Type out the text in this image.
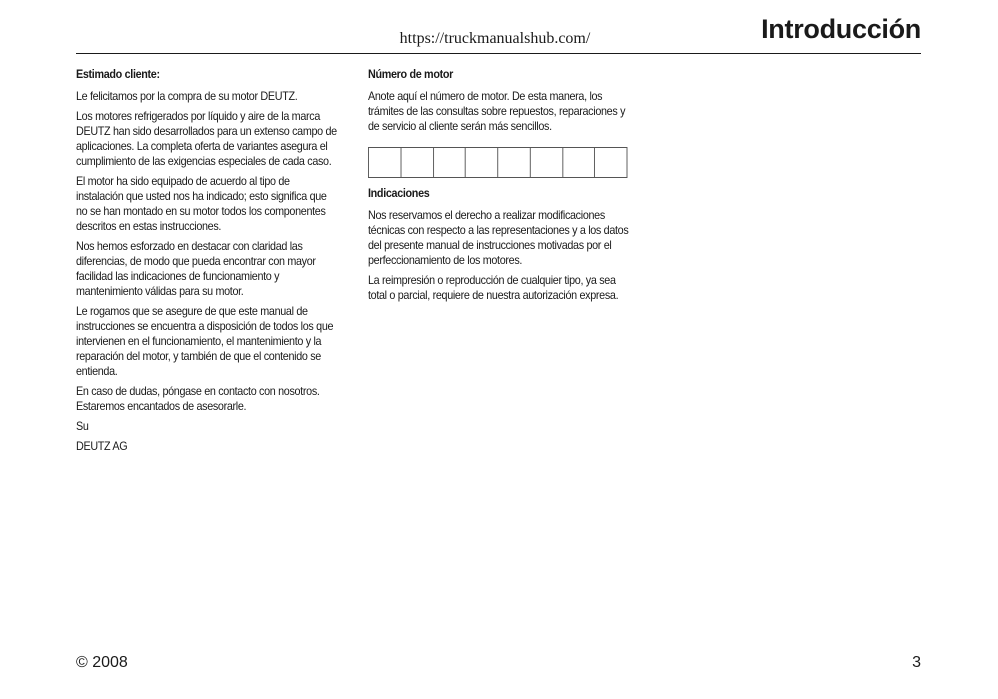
https://truckmanualshub.com/	Introducción
Estimado cliente:

Le felicitamos por la compra de su motor DEUTZ.

Los motores refrigerados por líquido y aire de la marca DEUTZ han sido desarrollados para un extenso campo de aplicaciones. La completa oferta de variantes asegura el cumplimiento de las exigencias especiales de cada caso.

El motor ha sido equipado de acuerdo al tipo de instalación que usted nos ha indicado; esto significa que no se han montado en su motor todos los componentes descritos en estas instrucciones.

Nos hemos esforzado en destacar con claridad las diferencias, de modo que pueda encontrar con mayor facilidad las indicaciones de funcionamiento y mantenimiento válidas para su motor.

Le rogamos que se asegure de que este manual de instrucciones se encuentra a disposición de todos los que intervienen en el funcionamiento, el mantenimiento y la reparación del motor, y también de que el contenido se entienda.

En caso de dudas, póngase en contacto con nosotros. Estaremos encantados de asesorarle.

Su

DEUTZ AG

Número de motor

Anote aquí el número de motor. De esta manera, los trámites de las consultas sobre repuestos, reparaciones y de servicio al cliente serán más sencillos.

Indicaciones

Nos reservamos el derecho a realizar modificaciones técnicas con respecto a las representaciones y a los datos del presente manual de instrucciones motivadas por el perfeccionamiento de los motores.

La reimpresión o reproducción de cualquier tipo, ya sea total o parcial, requiere de nuestra autorización expresa.

© 2008	3
